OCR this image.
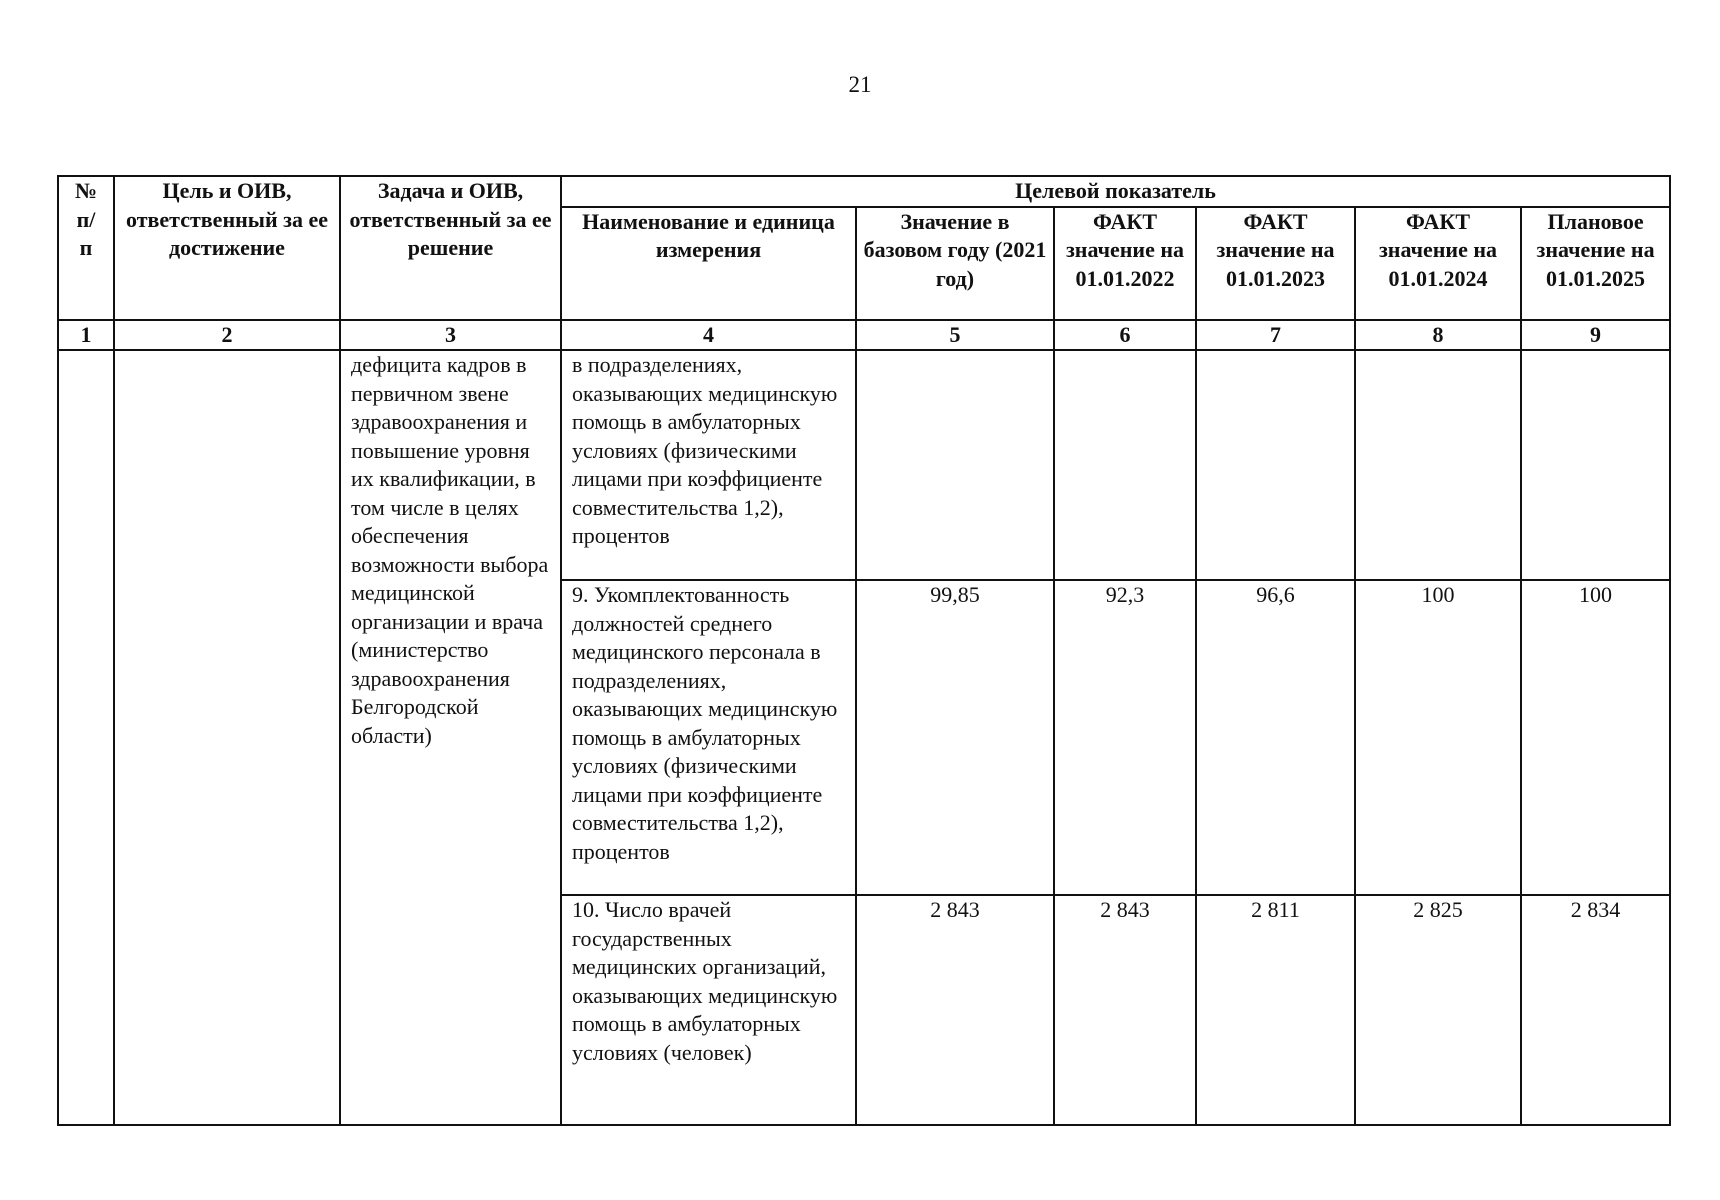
21
№ п/п	Цель и ОИВ, ответственный за ее достижение	Задача и ОИВ, ответственный за ее решение	Целевой показатель					

			Наименование и единица измерения	Значение в базовом году (2021 год)	ФАКТ значение на 01.01.2022	ФАКТ значение на 01.01.2023	ФАКТ значение на 01.01.2024	Плановое значение на 01.01.2025

1	2	3	4	5	6	7	8	9

		дефицита кадров в первичном звене здравоохранения и повышение уровня их квалификации, в том числе в целях обеспечения возможности выбора медицинской организации и врача (министерство здравоохранения Белгородской области)	в подразделениях, оказывающих медицинскую помощь в амбулаторных условиях (физическими лицами при коэффициенте совместительства 1,2), процентов					

			9. Укомплектованность должностей среднего медицинского персонала в подразделениях, оказывающих медицинскую помощь в амбулаторных условиях (физическими лицами при коэффициенте совместительства 1,2), процентов	99,85	92,3	96,6	100	100

			10. Число врачей государственных медицинских организаций, оказывающих медицинскую помощь в амбулаторных условиях (человек)	2 843	2 843	2 811	2 825	2 834
